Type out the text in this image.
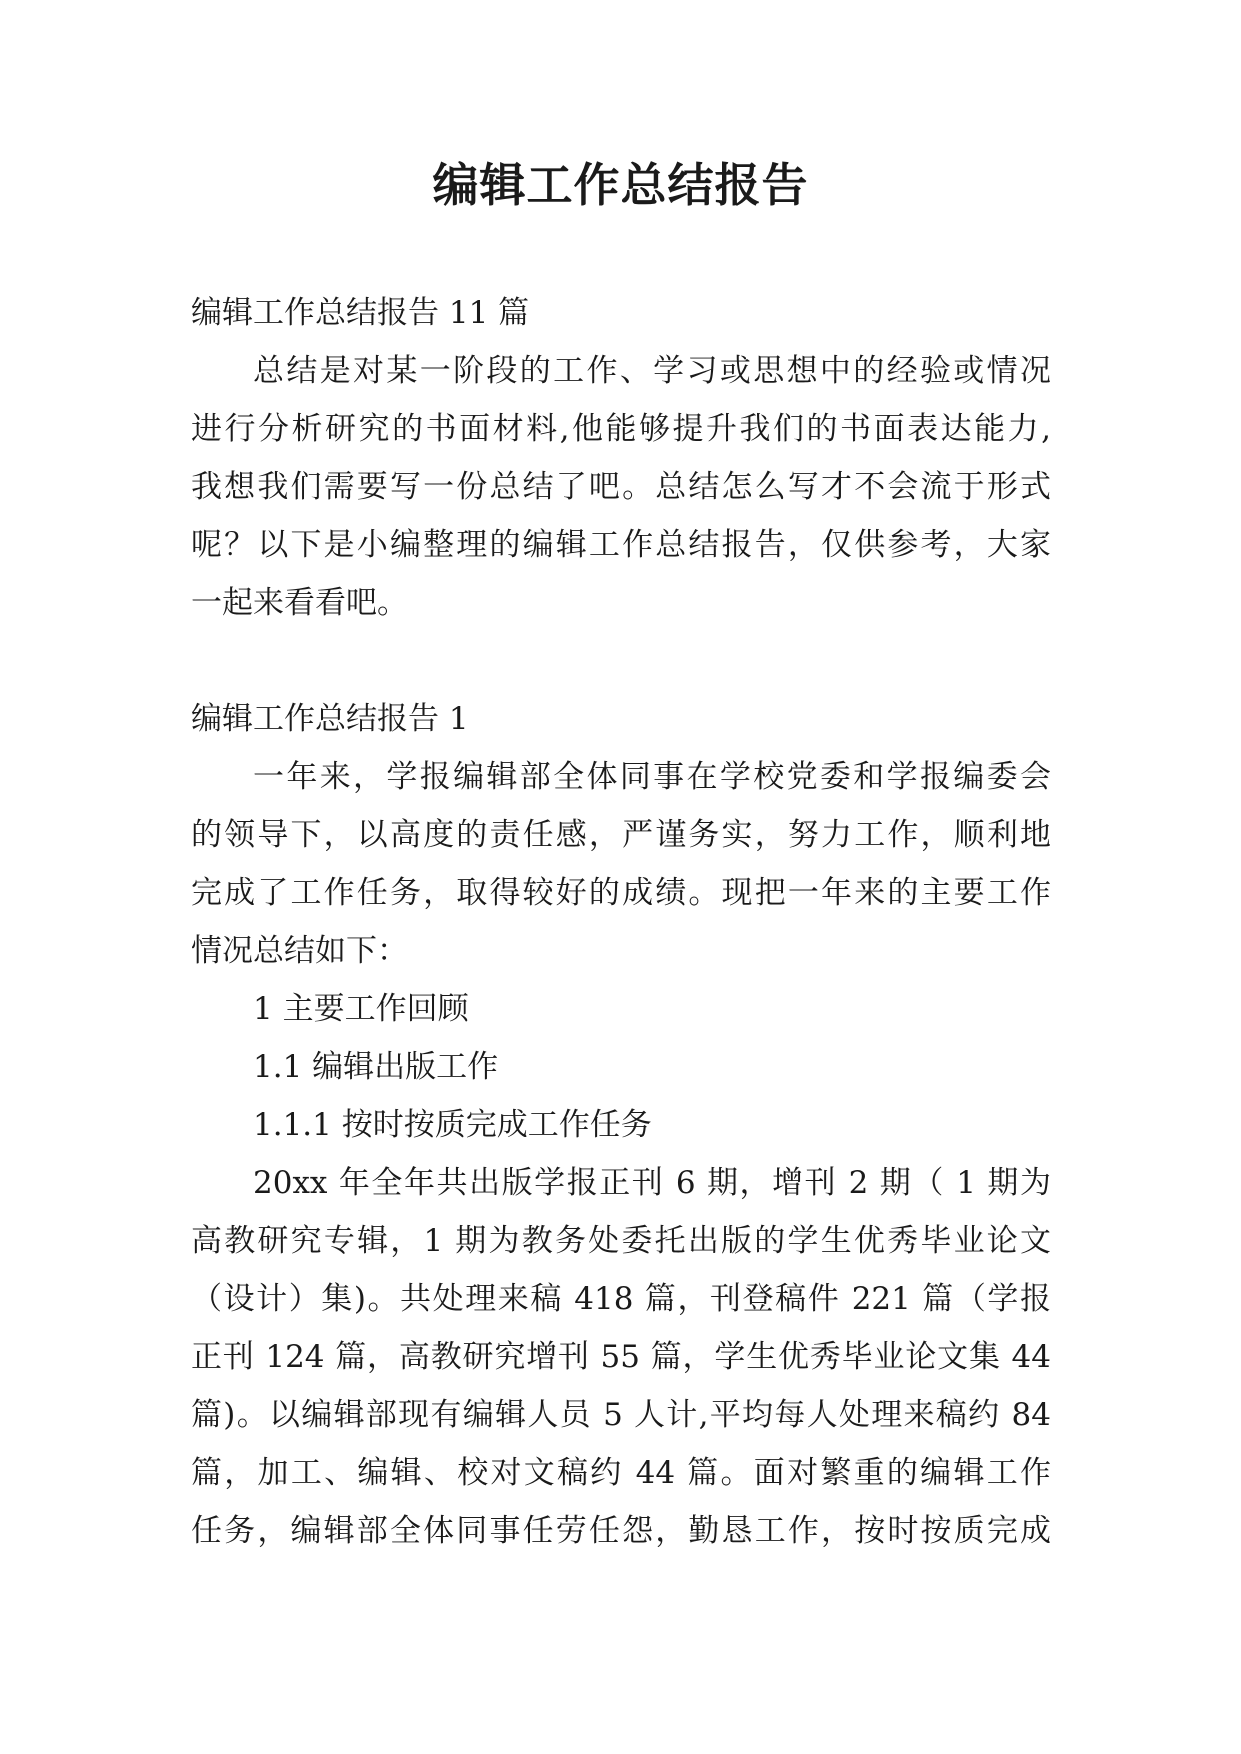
编辑工作总结报告
编辑工作总结报告 11 篇
总结是对某一阶段的工作、学习或思想中的经验或情况
进行分析研究的书面材料,他能够提升我们的书面表达能力,
我想我们需要写一份总结了吧。总结怎么写才不会流于形式
呢？以下是小编整理的编辑工作总结报告，仅供参考，大家
一起来看看吧。
编辑工作总结报告 1
一年来，学报编辑部全体同事在学校党委和学报编委会
的领导下，以高度的责任感，严谨务实，努力工作，顺利地
完成了工作任务，取得较好的成绩。现把一年来的主要工作
情况总结如下：
1 主要工作回顾
1.1 编辑出版工作
1.1.1 按时按质完成工作任务
20xx 年全年共出版学报正刊 6 期，增刊 2 期（ 1 期为
高教研究专辑，1 期为教务处委托出版的学生优秀毕业论文
（设计）集)。共处理来稿 418 篇，刊登稿件 221 篇（学报
正刊 124 篇，高教研究增刊 55 篇，学生优秀毕业论文集 44
篇)。以编辑部现有编辑人员 5 人计,平均每人处理来稿约 84
篇，加工、编辑、校对文稿约 44 篇。面对繁重的编辑工作
任务，编辑部全体同事任劳任怨，勤恳工作，按时按质完成
